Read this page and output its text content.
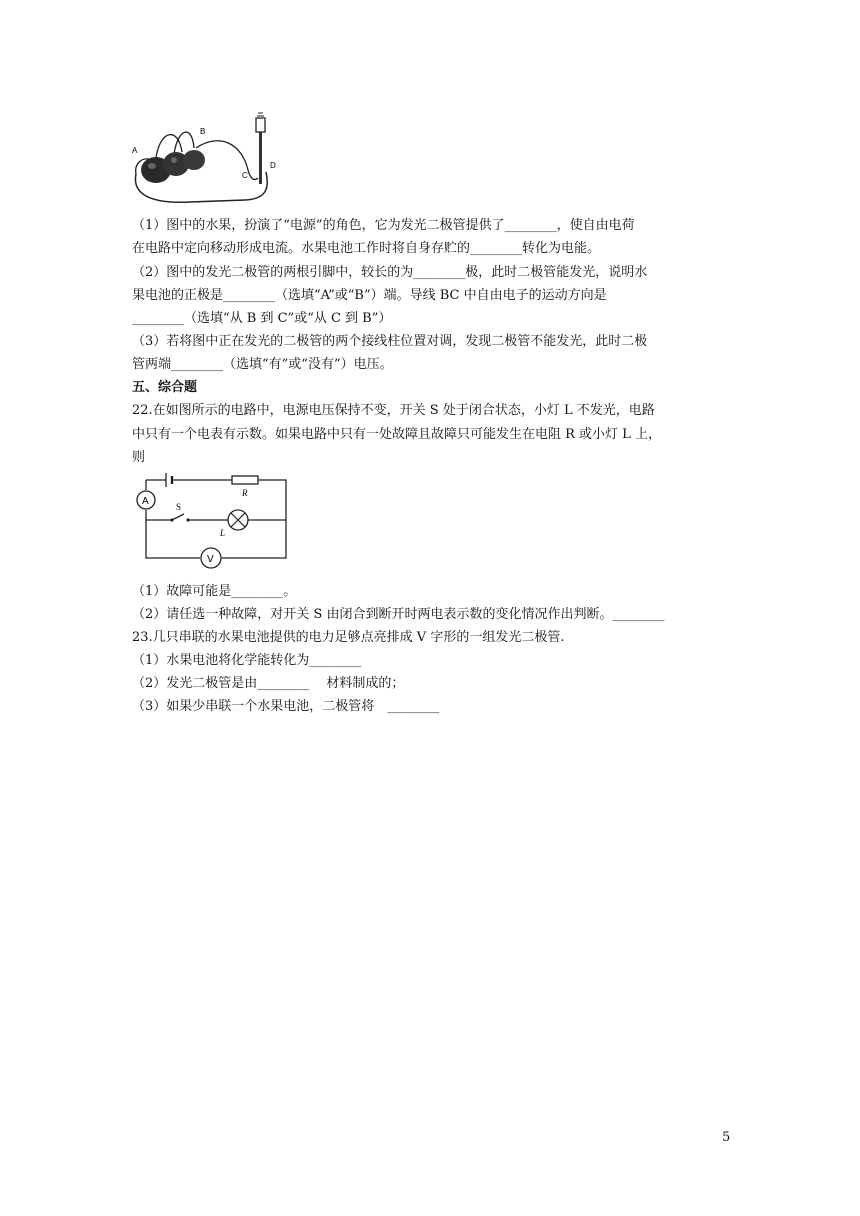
A
B
C
D
（1）图中的水果，扮演了“电源”的角色，它为发光二极管提供了________，使自由电荷
在电路中定向移动形成电流。水果电池工作时将自身存贮的________转化为电能。
（2）图中的发光二极管的两根引脚中，较长的为________极，此时二极管能发光，说明水
果电池的正极是________（选填“A”或“B”）端。导线 BC 中自由电子的运动方向是
________（选填“从 B 到 C”或“从 C 到 B”）
（3）若将图中正在发光的二极管的两个接线柱位置对调，发现二极管不能发光，此时二极
管两端________（选填“有”或“没有”）电压。
五、综合题
22.在如图所示的电路中，电源电压保持不变，开关 S 处于闭合状态，小灯 L 不发光，电路
中只有一个电表有示数。如果电路中只有一处故障且故障只可能发生在电阻 R 或小灯 L 上，
则
R
A	S
L
V
（1）故障可能是________。
（2）请任选一种故障，对开关 S 由闭合到断开时两电表示数的变化情况作出判断。________
23.几只串联的水果电池提供的电力足够点亮排成 V 字形的一组发光二极管.
（1）水果电池将化学能转化为________
（2）发光二极管是由________　 材料制成的；
（3）如果少串联一个水果电池，二极管将　________
5
